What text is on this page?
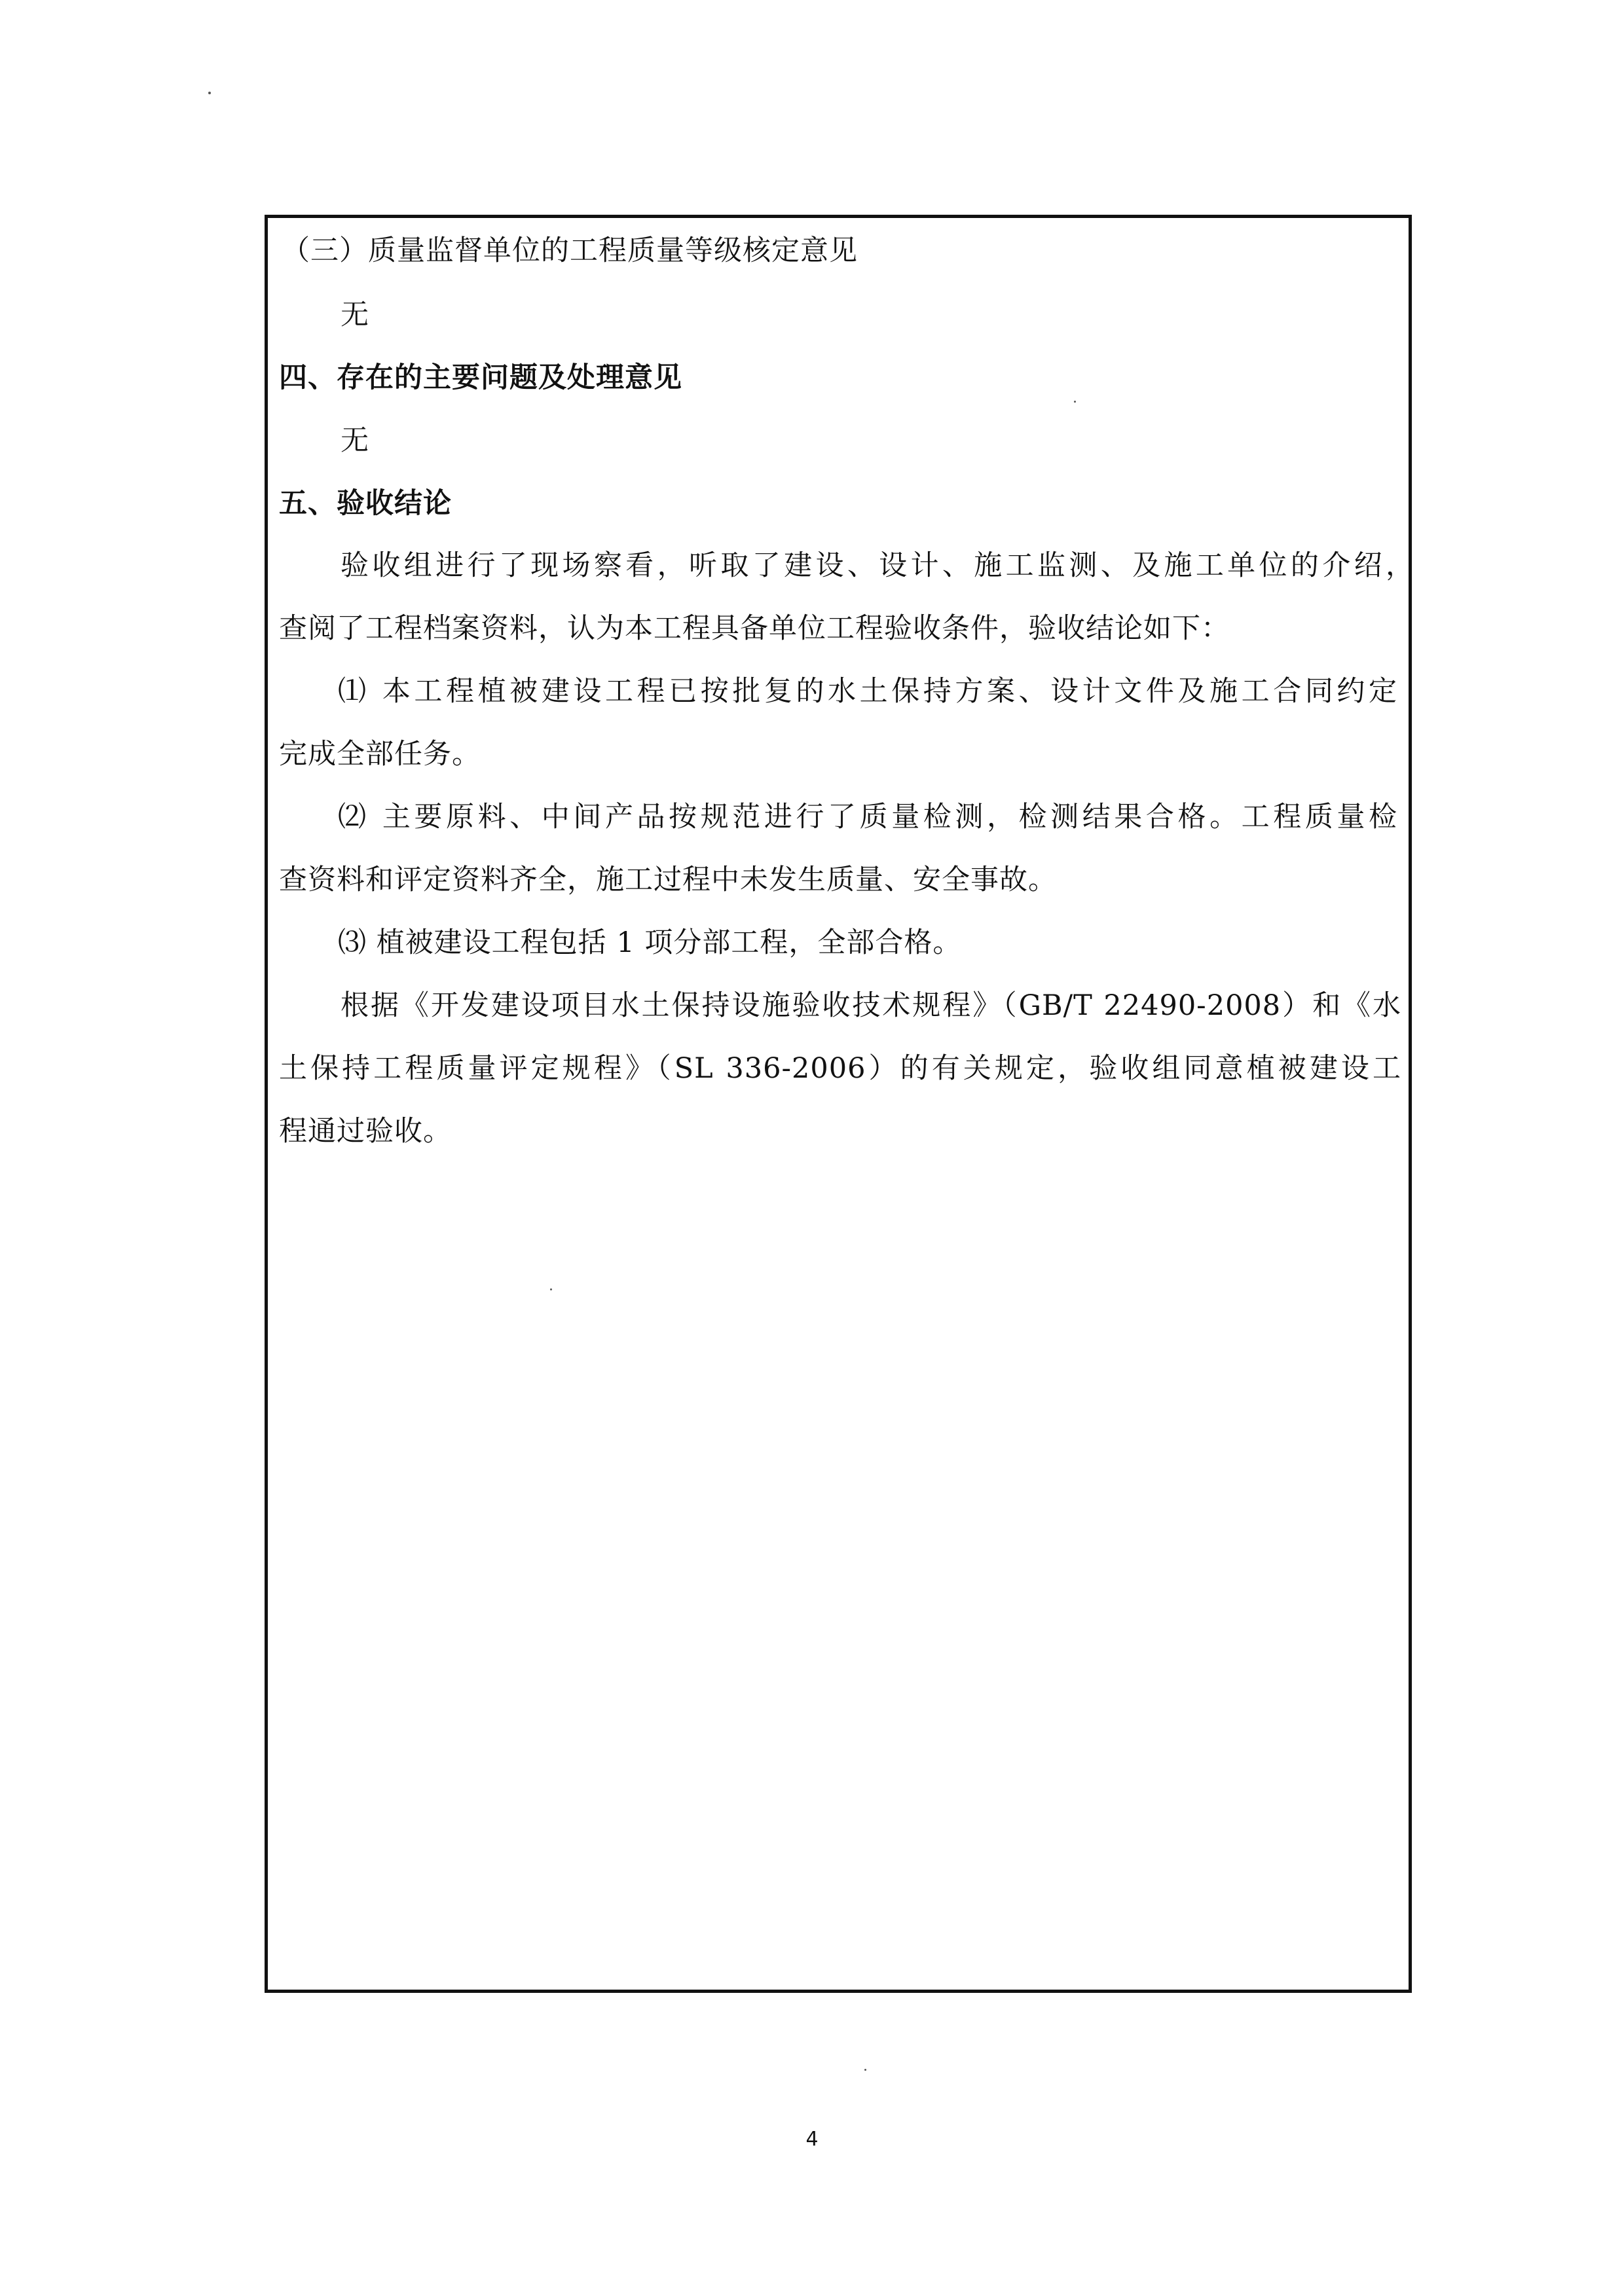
（三）质量监督单位的工程质量等级核定意见
无
四、存在的主要问题及处理意见
无
五、验收结论
验收组进行了现场察看，听取了建设、设计、施工监测、及施工单位的介绍，
查阅了工程档案资料，认为本工程具备单位工程验收条件，验收结论如下：
⑴ 本工程植被建设工程已按批复的水土保持方案、设计文件及施工合同约定
完成全部任务。
⑵ 主要原料、中间产品按规范进行了质量检测，检测结果合格。工程质量检
查资料和评定资料齐全，施工过程中未发生质量、安全事故。
⑶ 植被建设工程包括 1 项分部工程，全部合格。
根据《开发建设项目水土保持设施验收技术规程》（GB/T 22490-2008）和《水
土保持工程质量评定规程》（SL 336-2006）的有关规定，验收组同意植被建设工
程通过验收。
4
